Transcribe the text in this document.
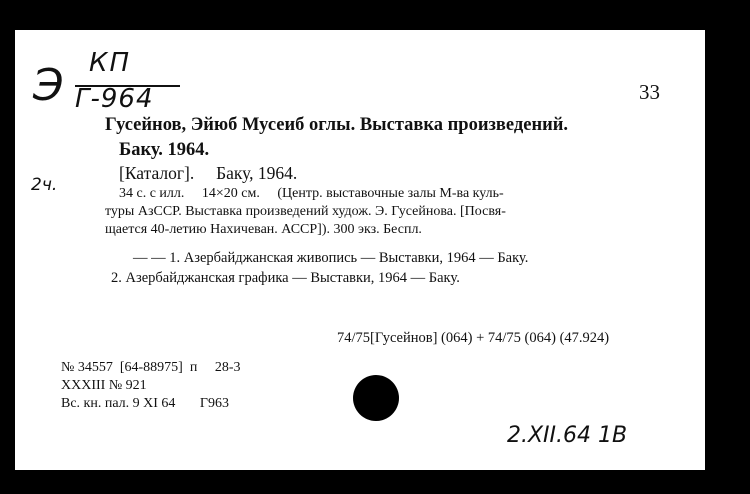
Э КП
Г-964	33
2ч.
Гусейнов, Эйюб Мусеиб оглы. Выставка произведений.
Баку. 1964.
[Каталог].     Баку, 1964.
34 с. с илл.     14×20 см.     (Центр. выставочные залы М-ва куль-
туры АзССР. Выставка произведений худож. Э. Гусейнова. [Посвя-
щается 40-летию Нахичеван. АССР]). 300 экз. Беспл.
— — 1. Азербайджанская живопись — Выставки, 1964 — Баку.
2. Азербайджанская графика — Выставки, 1964 — Баку.
74/75[Гусейнов] (064) + 74/75 (064) (47.924)
№ 34557  [64-88975]  п     28-3
XXXIII № 921
Вс. кн. пал. 9 XI 64       Г963
2.XII.64 1B
